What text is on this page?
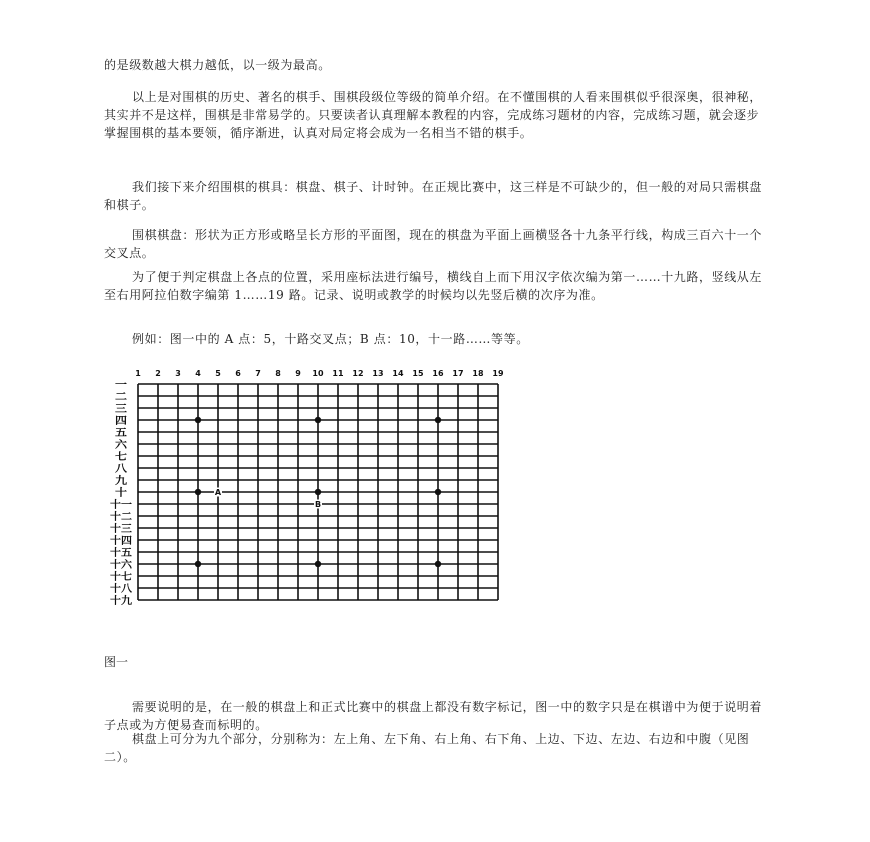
的是级数越大棋力越低，以一级为最高。

以上是对围棋的历史、著名的棋手、围棋段级位等级的简单介绍。在不懂围棋的人看来围棋似乎很深奥，很神秘，其实并不是这样，围棋是非常易学的。只要读者认真理解本教程的内容，完成练习题材的内容，完成练习题，就会逐步掌握围棋的基本要领，循序渐进，认真对局定将会成为一名相当不错的棋手。

我们接下来介绍围棋的棋具：棋盘、棋子、计时钟。在正规比赛中，这三样是不可缺少的，但一般的对局只需棋盘和棋子。

围棋棋盘：形状为正方形或略呈长方形的平面图，现在的棋盘为平面上画横竖各十九条平行线，构成三百六十一个交叉点。

为了便于判定棋盘上各点的位置，采用座标法进行编号，横线自上而下用汉字依次编为第一……十九路，竖线从左至右用阿拉伯数字编第 1……19 路。记录、说明或教学的时候均以先竖后横的次序为准。

例如：图一中的 A 点：5，十路交叉点；B 点：10，十一路……等等。

1 2 3 4 5 6 7 8 9 10 11 12 13 14 15 16 17 18 19
一
二
三
四
五
六
七
八
九
十
十一
十二
十三
十四
十五
十六
十七
十八
十九
A
B

图一

需要说明的是，在一般的棋盘上和正式比赛中的棋盘上都没有数字标记，图一中的数字只是在棋谱中为便于说明着子点或为方便易查而标明的。

棋盘上可分为九个部分，分别称为：左上角、左下角、右上角、右下角、上边、下边、左边、右边和中腹（见图二）。
